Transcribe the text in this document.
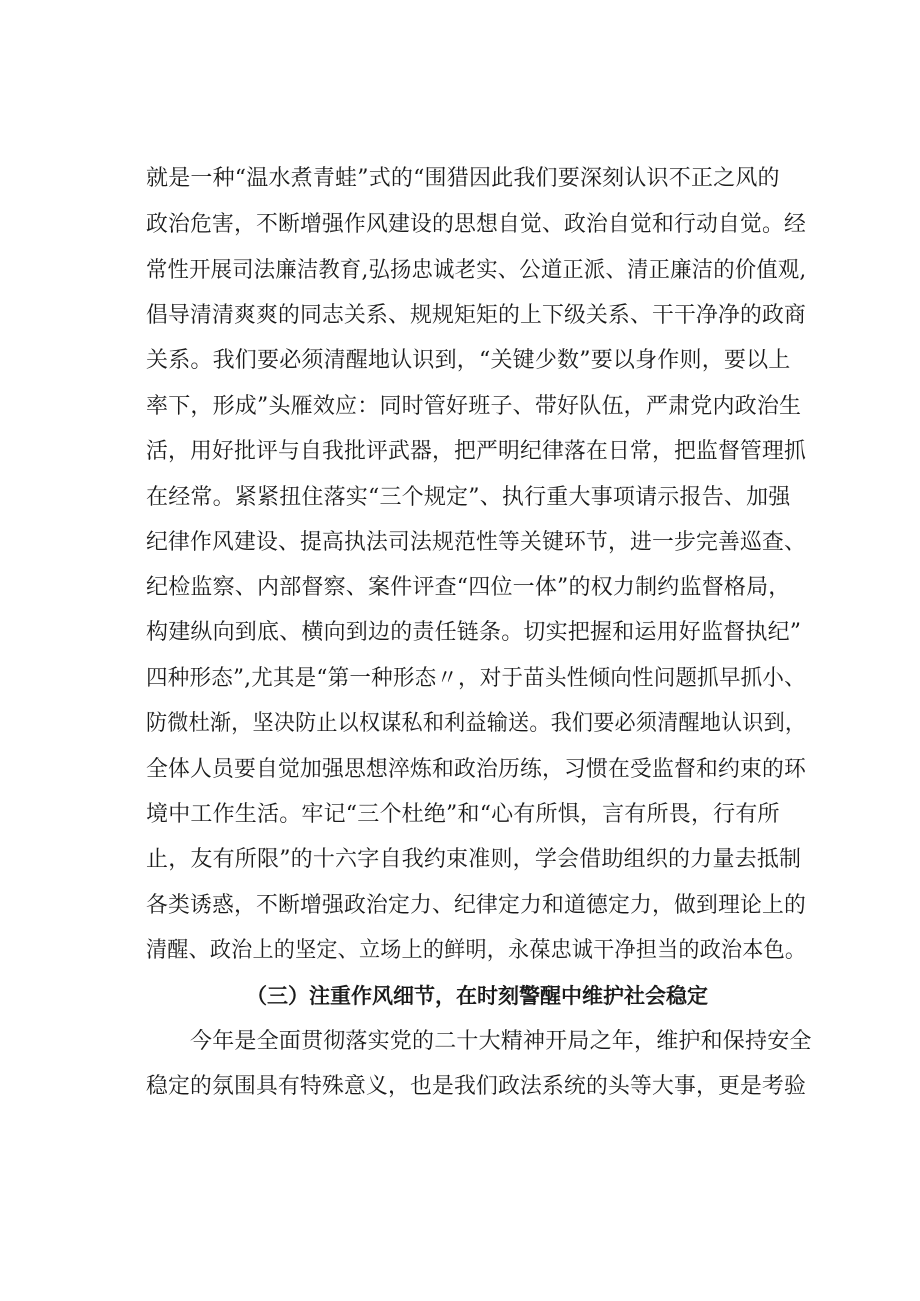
就是一种“温水煮青蛙”式的“围猎因此我们要深刻认识不正之风的
政治危害，不断增强作风建设的思想自觉、政治自觉和行动自觉。经
常性开展司法廉洁教育,弘扬忠诚老实、公道正派、清正廉洁的价值观,
倡导清清爽爽的同志关系、规规矩矩的上下级关系、干干净净的政商
关系。我们要必须清醒地认识到，“关键少数”要以身作则，要以上
率下，形成”头雁效应：同时管好班子、带好队伍，严肃党内政治生
活，用好批评与自我批评武器，把严明纪律落在日常，把监督管理抓
在经常。紧紧扭住落实“三个规定”、执行重大事项请示报告、加强
纪律作风建设、提高执法司法规范性等关键环节，进一步完善巡查、
纪检监察、内部督察、案件评查“四位一体”的权力制约监督格局，
构建纵向到底、横向到边的责任链条。切实把握和运用好监督执纪”
四种形态”,尤其是“第一种形态〃，对于苗头性倾向性问题抓早抓小、
防微杜渐，坚决防止以权谋私和利益输送。我们要必须清醒地认识到，
全体人员要自觉加强思想淬炼和政治历练，习惯在受监督和约束的环
境中工作生活。牢记“三个杜绝”和“心有所惧，言有所畏，行有所
止，友有所限”的十六字自我约束准则，学会借助组织的力量去抵制
各类诱惑，不断增强政治定力、纪律定力和道德定力，做到理论上的
清醒、政治上的坚定、立场上的鲜明，永葆忠诚干净担当的政治本色。
（三）注重作风细节，在时刻警醒中维护社会稳定
今年是全面贯彻落实党的二十大精神开局之年，维护和保持安全
稳定的氛围具有特殊意义，也是我们政法系统的头等大事，更是考验
